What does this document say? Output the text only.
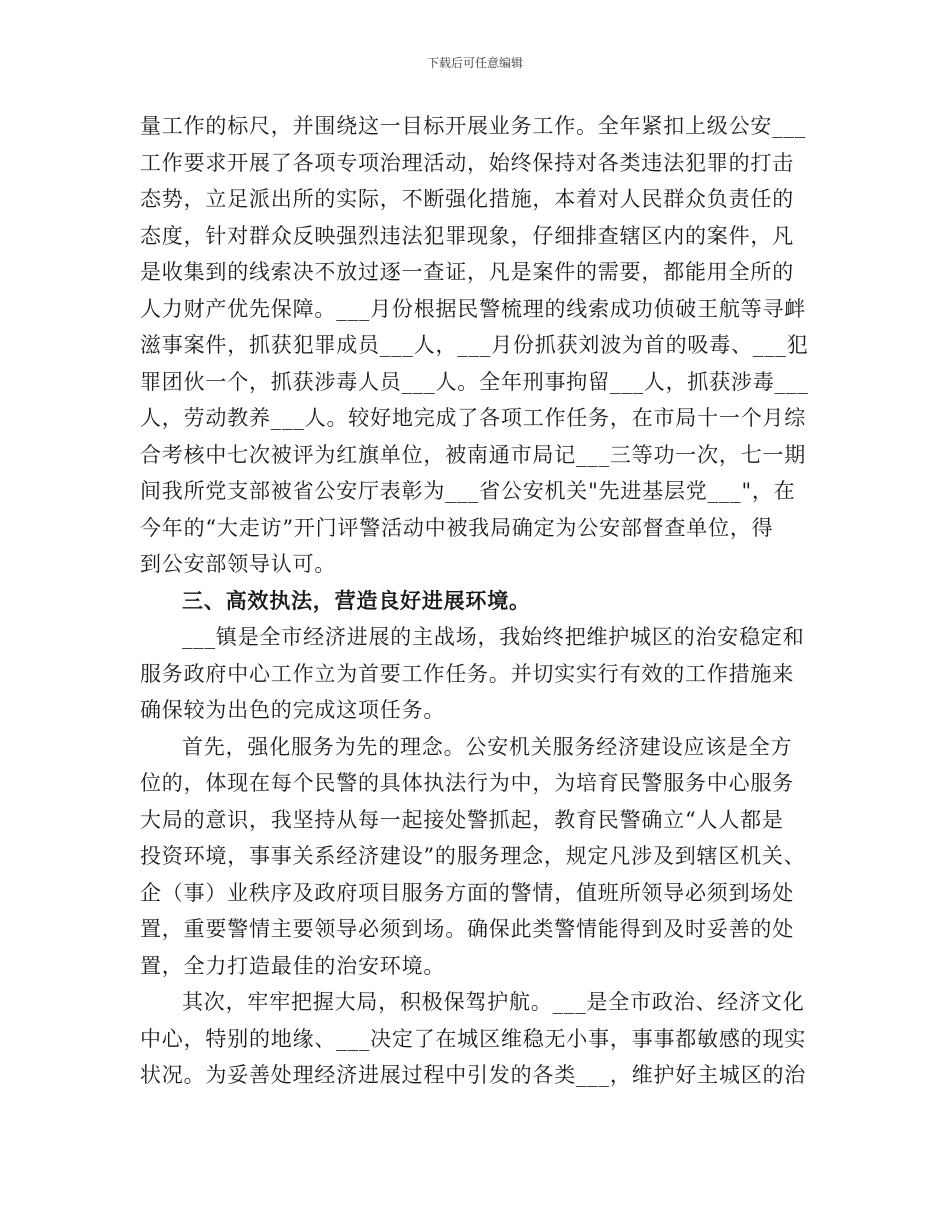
下载后可任意编辑
量工作的标尺，并围绕这一目标开展业务工作。全年紧扣上级公安___
工作要求开展了各项专项治理活动，始终保持对各类违法犯罪的打击
态势，立足派出所的实际，不断强化措施，本着对人民群众负责任的
态度，针对群众反映强烈违法犯罪现象，仔细排查辖区内的案件，凡
是收集到的线索决不放过逐一查证，凡是案件的需要，都能用全所的
人力财产优先保障。___月份根据民警梳理的线索成功侦破王航等寻衅
滋事案件，抓获犯罪成员___人，___月份抓获刘波为首的吸毒、___犯
罪团伙一个，抓获涉毒人员___人。全年刑事拘留___人，抓获涉毒___
人，劳动教养___人。较好地完成了各项工作任务，在市局十一个月综
合考核中七次被评为红旗单位，被南通市局记___三等功一次，七一期
间我所党支部被省公安厅表彰为___省公安机关"先进基层党___"，在
今年的“大走访”开门评警活动中被我局确定为公安部督查单位，得
到公安部领导认可。
三、高效执法，营造良好进展环境。
___镇是全市经济进展的主战场，我始终把维护城区的治安稳定和
服务政府中心工作立为首要工作任务。并切实实行有效的工作措施来
确保较为出色的完成这项任务。
首先，强化服务为先的理念。公安机关服务经济建设应该是全方
位的，体现在每个民警的具体执法行为中，为培育民警服务中心服务
大局的意识，我坚持从每一起接处警抓起，教育民警确立“人人都是
投资环境，事事关系经济建设”的服务理念，规定凡涉及到辖区机关、
企（事）业秩序及政府项目服务方面的警情，值班所领导必须到场处
置，重要警情主要领导必须到场。确保此类警情能得到及时妥善的处
置，全力打造最佳的治安环境。
其次，牢牢把握大局，积极保驾护航。___是全市政治、经济文化
中心，特别的地缘、___决定了在城区维稳无小事，事事都敏感的现实
状况。为妥善处理经济进展过程中引发的各类___，维护好主城区的治
